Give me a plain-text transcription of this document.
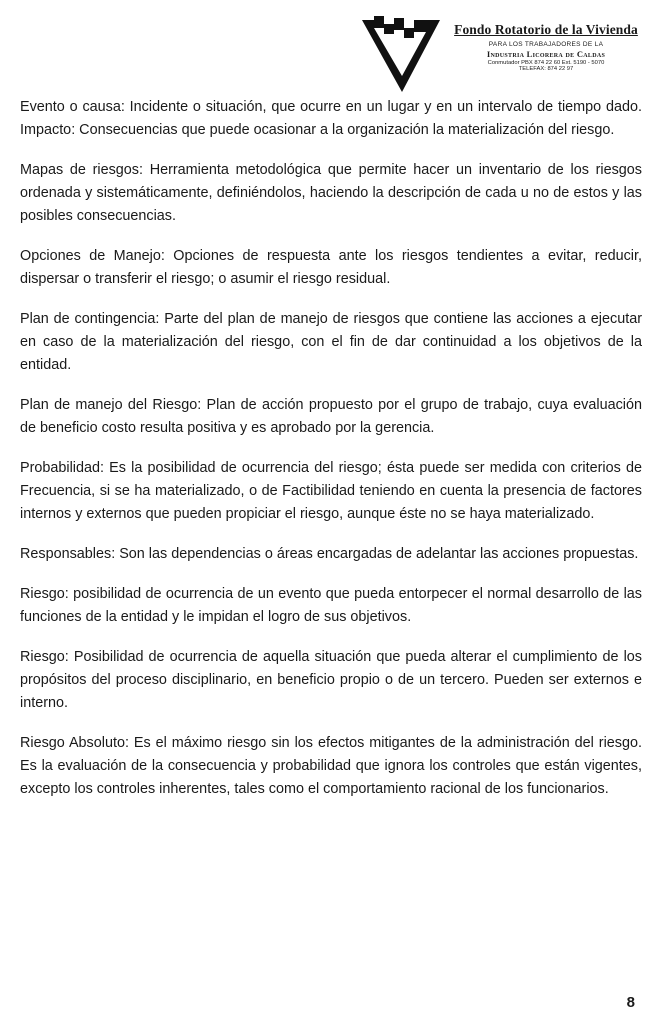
Fondo Rotatorio de la Vivienda
PARA LOS TRABAJADORES DE LA
Industria Licorera de Caldas
Conmutador PBX 874 22 60 Ext. 5190 - 5070
TELEFAX: 874 22 97

Evento o causa: Incidente o situación, que ocurre en un lugar y en un intervalo de tiempo dado. Impacto: Consecuencias que puede ocasionar a la organización la materialización del riesgo.

Mapas de riesgos: Herramienta metodológica que permite hacer un inventario de los riesgos ordenada y sistemáticamente, definiéndolos, haciendo la descripción de cada u no de estos y las posibles consecuencias.

Opciones de Manejo: Opciones de respuesta ante los riesgos tendientes a evitar, reducir, dispersar o transferir el riesgo; o asumir el riesgo residual.

Plan de contingencia: Parte del plan de manejo de riesgos que contiene las acciones a ejecutar en caso de la materialización del riesgo, con el fin de dar continuidad a los objetivos de la entidad.

Plan de manejo del Riesgo: Plan de acción propuesto por el grupo de trabajo, cuya evaluación de beneficio costo resulta positiva y es aprobado por la gerencia.

Probabilidad: Es la posibilidad de ocurrencia del riesgo; ésta puede ser medida con criterios de Frecuencia, si se ha materializado, o de Factibilidad teniendo en cuenta la presencia de factores internos y externos que pueden propiciar el riesgo, aunque éste no se haya materializado.

Responsables: Son las dependencias o áreas encargadas de adelantar las acciones propuestas.

Riesgo: posibilidad de ocurrencia de un evento que pueda entorpecer el normal desarrollo de las funciones de la entidad y le impidan el logro de sus objetivos.

Riesgo: Posibilidad de ocurrencia de aquella situación que pueda alterar el cumplimiento de los propósitos del proceso disciplinario, en beneficio propio o de un tercero. Pueden ser externos e interno.

Riesgo Absoluto: Es el máximo riesgo sin los efectos mitigantes de la administración del riesgo. Es la evaluación de la consecuencia y probabilidad que ignora los controles que están vigentes, excepto los controles inherentes, tales como el comportamiento racional de los funcionarios.

8
